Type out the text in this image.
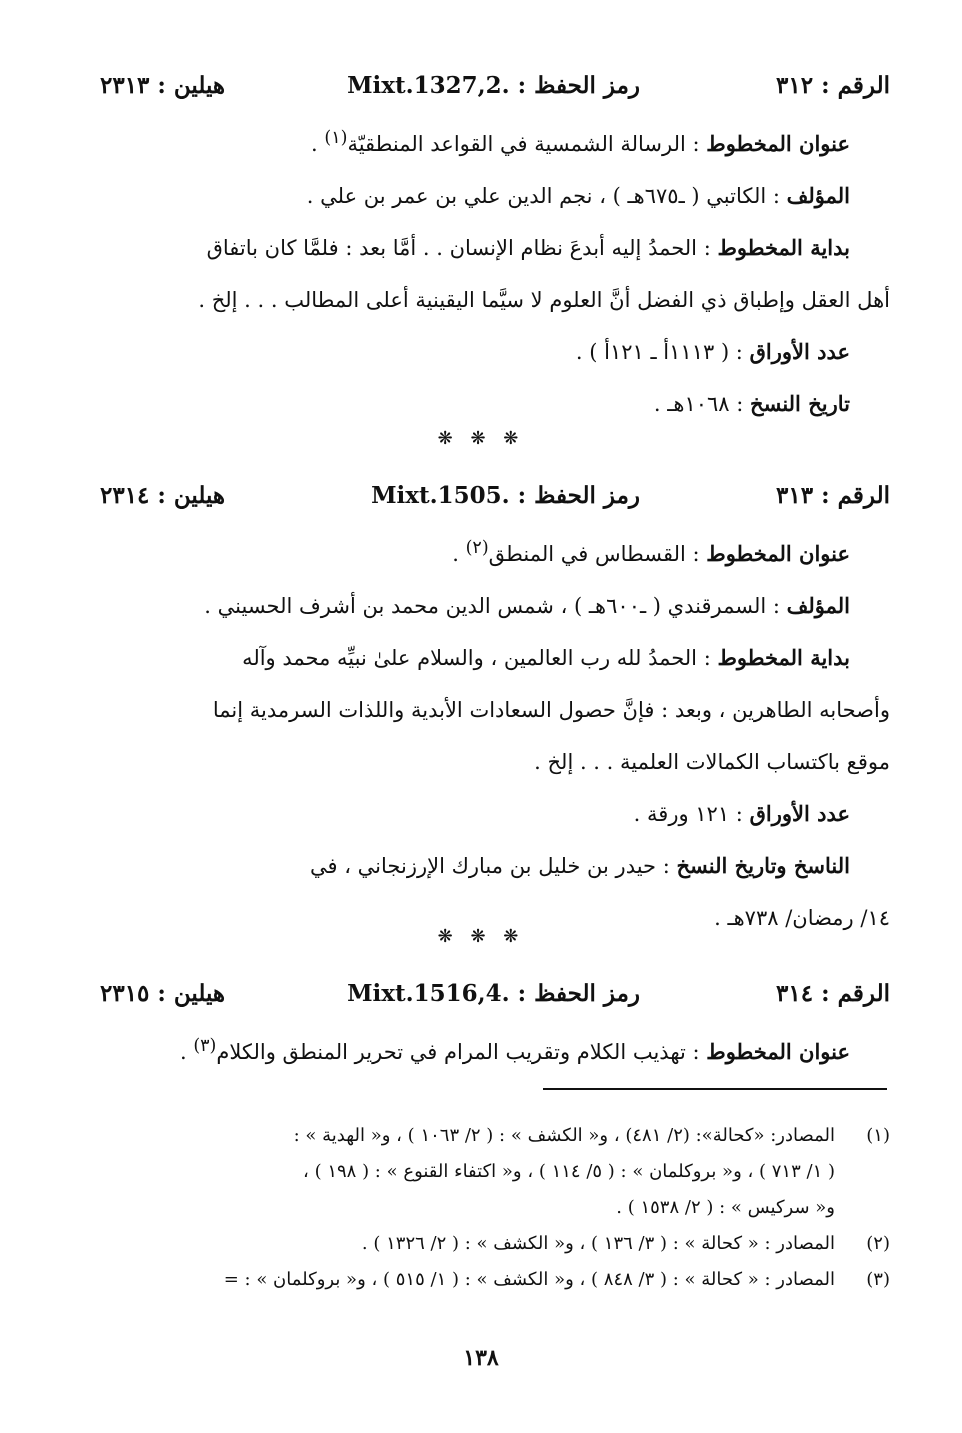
الرقم : ٣١٢
رمز الحفظ : Mixt.1327,2.
هيلين : ٢٣١٣
عنوان المخطوط : الرسالة الشمسية في القواعد المنطقيّة$^{(١)}$ .
المؤلف : الكاتبي ( ـ٦٧٥هـ ) ، نجم الدين علي بن عمر بن علي .
بداية المخطوط : الحمدُ إليه أبدعَ نظام الإنسان . . أمَّا بعد : فلمَّا كان باتفاق
أهل العقل وإطباق ذي الفضل أنَّ العلوم لا سيَّما اليقينية أعلى المطالب . . . إلخ .
عدد الأوراق : ( ١١١٣أ ـ ١٢١أ ) .
تاريخ النسخ : ١٠٦٨هـ .
❋ ❋ ❋
الرقم : ٣١٣
رمز الحفظ : Mixt.1505.
هيلين : ٢٣١٤
عنوان المخطوط : القسطاس في المنطق$^{(٢)}$ .
المؤلف : السمرقندي ( ـ٦٠٠هـ ) ، شمس الدين محمد بن أشرف الحسيني .
بداية المخطوط : الحمدُ لله رب العالمين ، والسلام علىٰ نبيِّه محمد وآله
وأصحابه الطاهرين ، وبعد : فإنَّ حصول السعادات الأبدية واللذات السرمدية إنما
موقع باكتساب الكمالات العلمية . . . إلخ .
عدد الأوراق : ١٢١ ورقة .
الناسخ وتاريخ النسخ : حيدر بن خليل بن مبارك الإرزنجاني ، في
١٤/ رمضان/ ٧٣٨هـ .
❋ ❋ ❋
الرقم : ٣١٤
رمز الحفظ : Mixt.1516,4.
هيلين : ٢٣١٥
عنوان المخطوط : تهذيب الكلام وتقريب المرام في تحرير المنطق والكلام$^{(٣)}$ .
(١)
المصادر: «كحالة»: (٢/ ٤٨١) ، و« الكشف » : ( ٢/ ١٠٦٣ ) ، و« الهدية » :
( ١/ ٧١٣ ) ، و« بروكلمان » : ( ٥/ ١١٤ ) ، و« اكتفاء القنوع » : ( ١٩٨ ) ،
و« سركيس » : ( ٢/ ١٥٣٨ ) .
(٢)
المصادر : « كحالة » : ( ٣/ ١٣٦ ) ، و« الكشف » : ( ٢/ ١٣٢٦ ) .
(٣)
المصادر : « كحالة » : ( ٣/ ٨٤٨ ) ، و« الكشف » : ( ١/ ٥١٥ ) ، و« بروكلمان » : =
١٣٨
